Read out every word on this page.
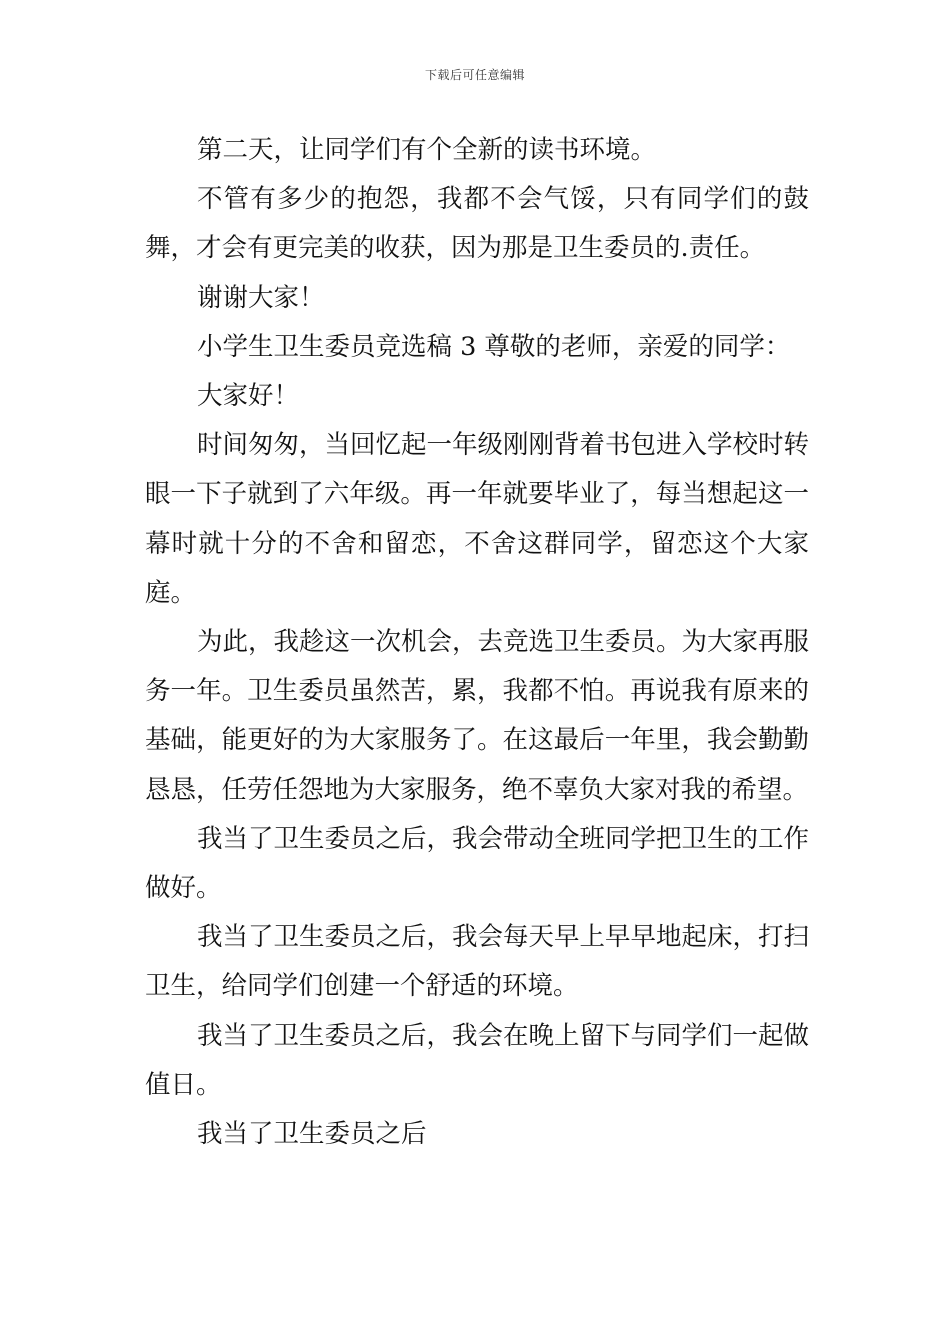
下载后可任意编辑

第二天，让同学们有个全新的读书环境。

不管有多少的抱怨，我都不会气馁，只有同学们的鼓舞，才会有更完美的收获，因为那是卫生委员的.责任。

谢谢大家！

小学生卫生委员竞选稿 3 尊敬的老师，亲爱的同学：

大家好！

时间匆匆，当回忆起一年级刚刚背着书包进入学校时转眼一下子就到了六年级。再一年就要毕业了，每当想起这一幕时就十分的不舍和留恋，不舍这群同学，留恋这个大家庭。

为此，我趁这一次机会，去竞选卫生委员。为大家再服务一年。卫生委员虽然苦，累，我都不怕。再说我有原来的基础，能更好的为大家服务了。在这最后一年里，我会勤勤恳恳，任劳任怨地为大家服务，绝不辜负大家对我的希望。

我当了卫生委员之后，我会带动全班同学把卫生的工作做好。

我当了卫生委员之后，我会每天早上早早地起床，打扫卫生，给同学们创建一个舒适的环境。

我当了卫生委员之后，我会在晚上留下与同学们一起做值日。

我当了卫生委员之后
